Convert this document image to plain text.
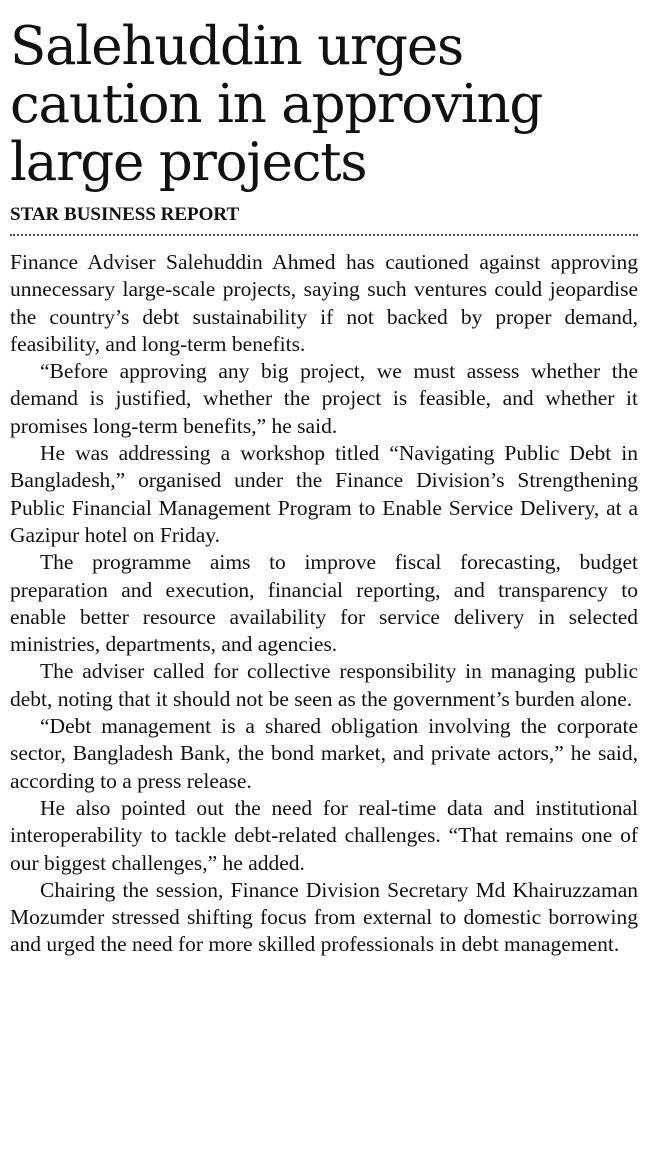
Salehuddin urges caution in approving large projects
STAR BUSINESS REPORT

Finance Adviser Salehuddin Ahmed has cautioned against approving unnecessary large-scale projects, saying such ventures could jeopardise the country’s debt sustainability if not backed by proper demand, feasibility, and long-term benefits.

“Before approving any big project, we must assess whether the demand is justified, whether the project is feasible, and whether it promises long-term benefits,” he said.

He was addressing a workshop titled “Navigating Public Debt in Bangladesh,” organised under the Finance Division’s Strengthening Public Financial Management Program to Enable Service Delivery, at a Gazipur hotel on Friday.

The programme aims to improve fiscal forecasting, budget preparation and execution, financial reporting, and transparency to enable better resource availability for service delivery in selected ministries, departments, and agencies.

The adviser called for collective responsibility in managing public debt, noting that it should not be seen as the government’s burden alone.

“Debt management is a shared obligation involving the corporate sector, Bangladesh Bank, the bond market, and private actors,” he said, according to a press release.

He also pointed out the need for real-time data and institutional interoperability to tackle debt-related challenges. “That remains one of our biggest challenges,” he added.

Chairing the session, Finance Division Secretary Md Khairuzzaman Mozumder stressed shifting focus from external to domestic borrowing and urged the need for more skilled professionals in debt management.
